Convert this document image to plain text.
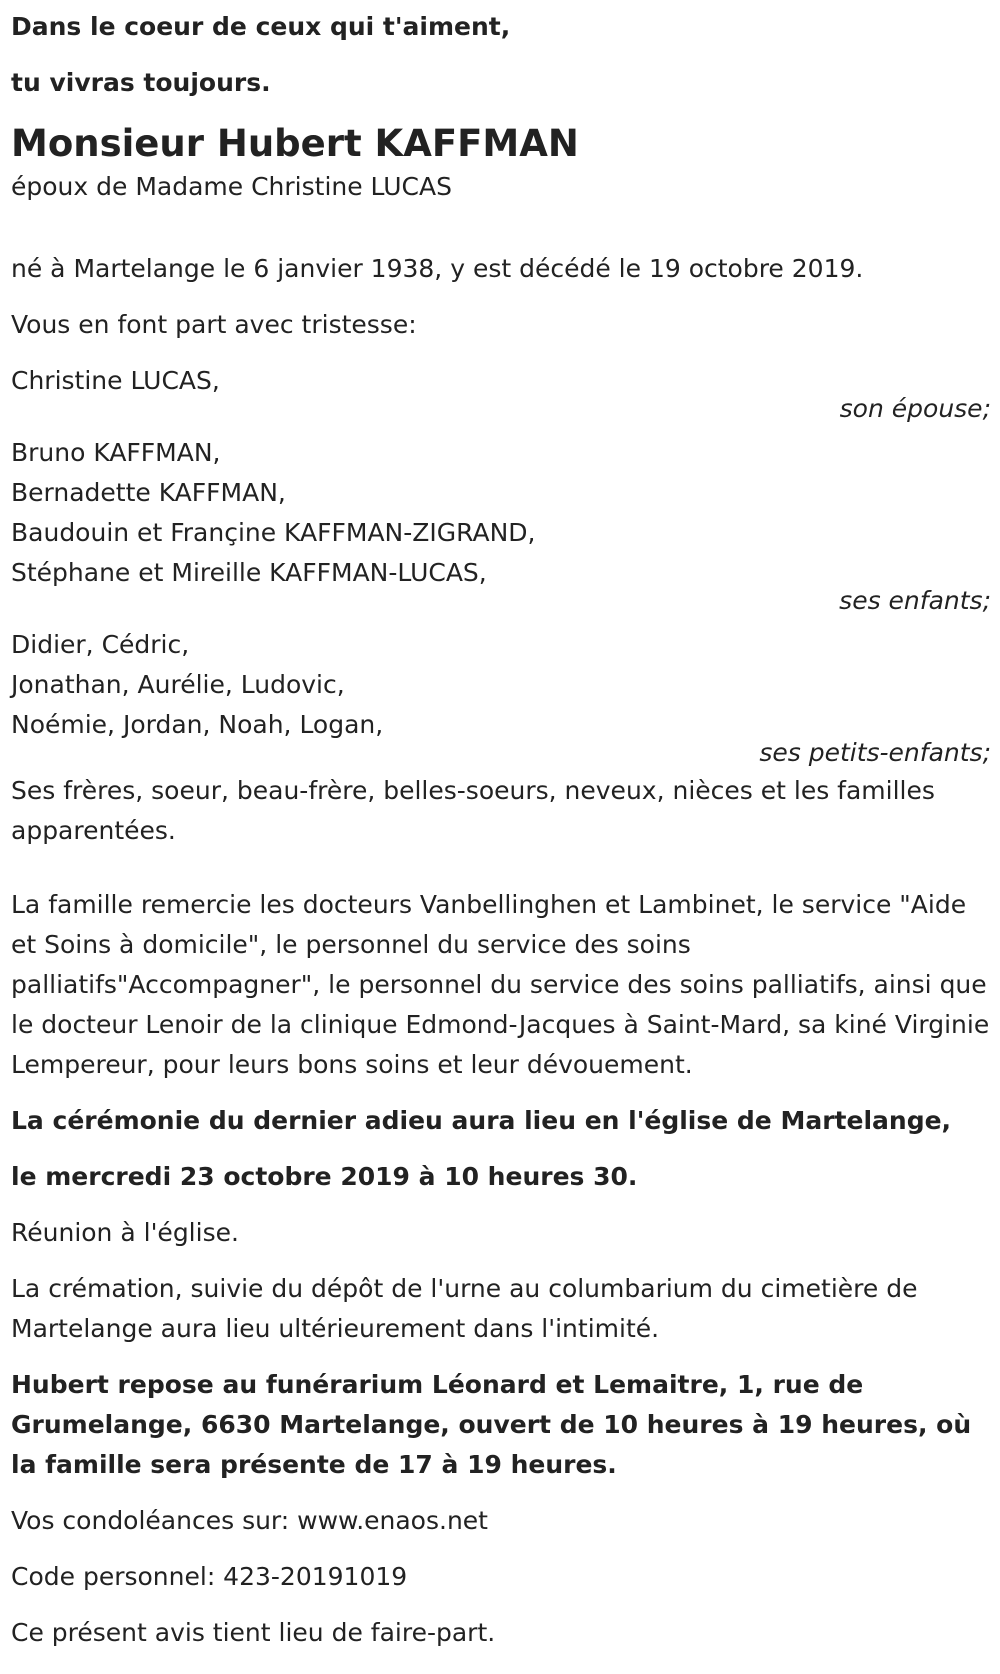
Dans le coeur de ceux qui t'aiment,

tu vivras toujours.

Monsieur Hubert KAFFMAN

époux de Madame Christine LUCAS

né à Martelange le 6 janvier 1938, y est décédé le 19 octobre 2019.

Vous en font part avec tristesse:

Christine LUCAS,

son épouse;

Bruno KAFFMAN,

Bernadette KAFFMAN,

Baudouin et Françine KAFFMAN-ZIGRAND,

Stéphane et Mireille KAFFMAN-LUCAS,

ses enfants;

Didier, Cédric,

Jonathan, Aurélie, Ludovic,

Noémie, Jordan, Noah, Logan,

ses petits-enfants;

Ses frères, soeur, beau-frère, belles-soeurs, neveux, nièces et les familles apparentées.

La famille remercie les docteurs Vanbellinghen et Lambinet, le service "Aide et Soins à domicile", le personnel du service des soins palliatifs"Accompagner", le personnel du service des soins palliatifs, ainsi que le docteur Lenoir de la clinique Edmond-Jacques à Saint-Mard, sa kiné Virginie Lempereur, pour leurs bons soins et leur dévouement.

La cérémonie du dernier adieu aura lieu en l'église de Martelange,

le mercredi 23 octobre 2019 à 10 heures 30.

Réunion à l'église.

La crémation, suivie du dépôt de l'urne au columbarium du cimetière de Martelange aura lieu ultérieurement dans l'intimité.

Hubert repose au funérarium Léonard et Lemaitre, 1, rue de Grumelange, 6630 Martelange, ouvert de 10 heures à 19 heures, où la famille sera présente de 17 à 19 heures.

Vos condoléances sur: www.enaos.net

Code personnel: 423-20191019

Ce présent avis tient lieu de faire-part.
